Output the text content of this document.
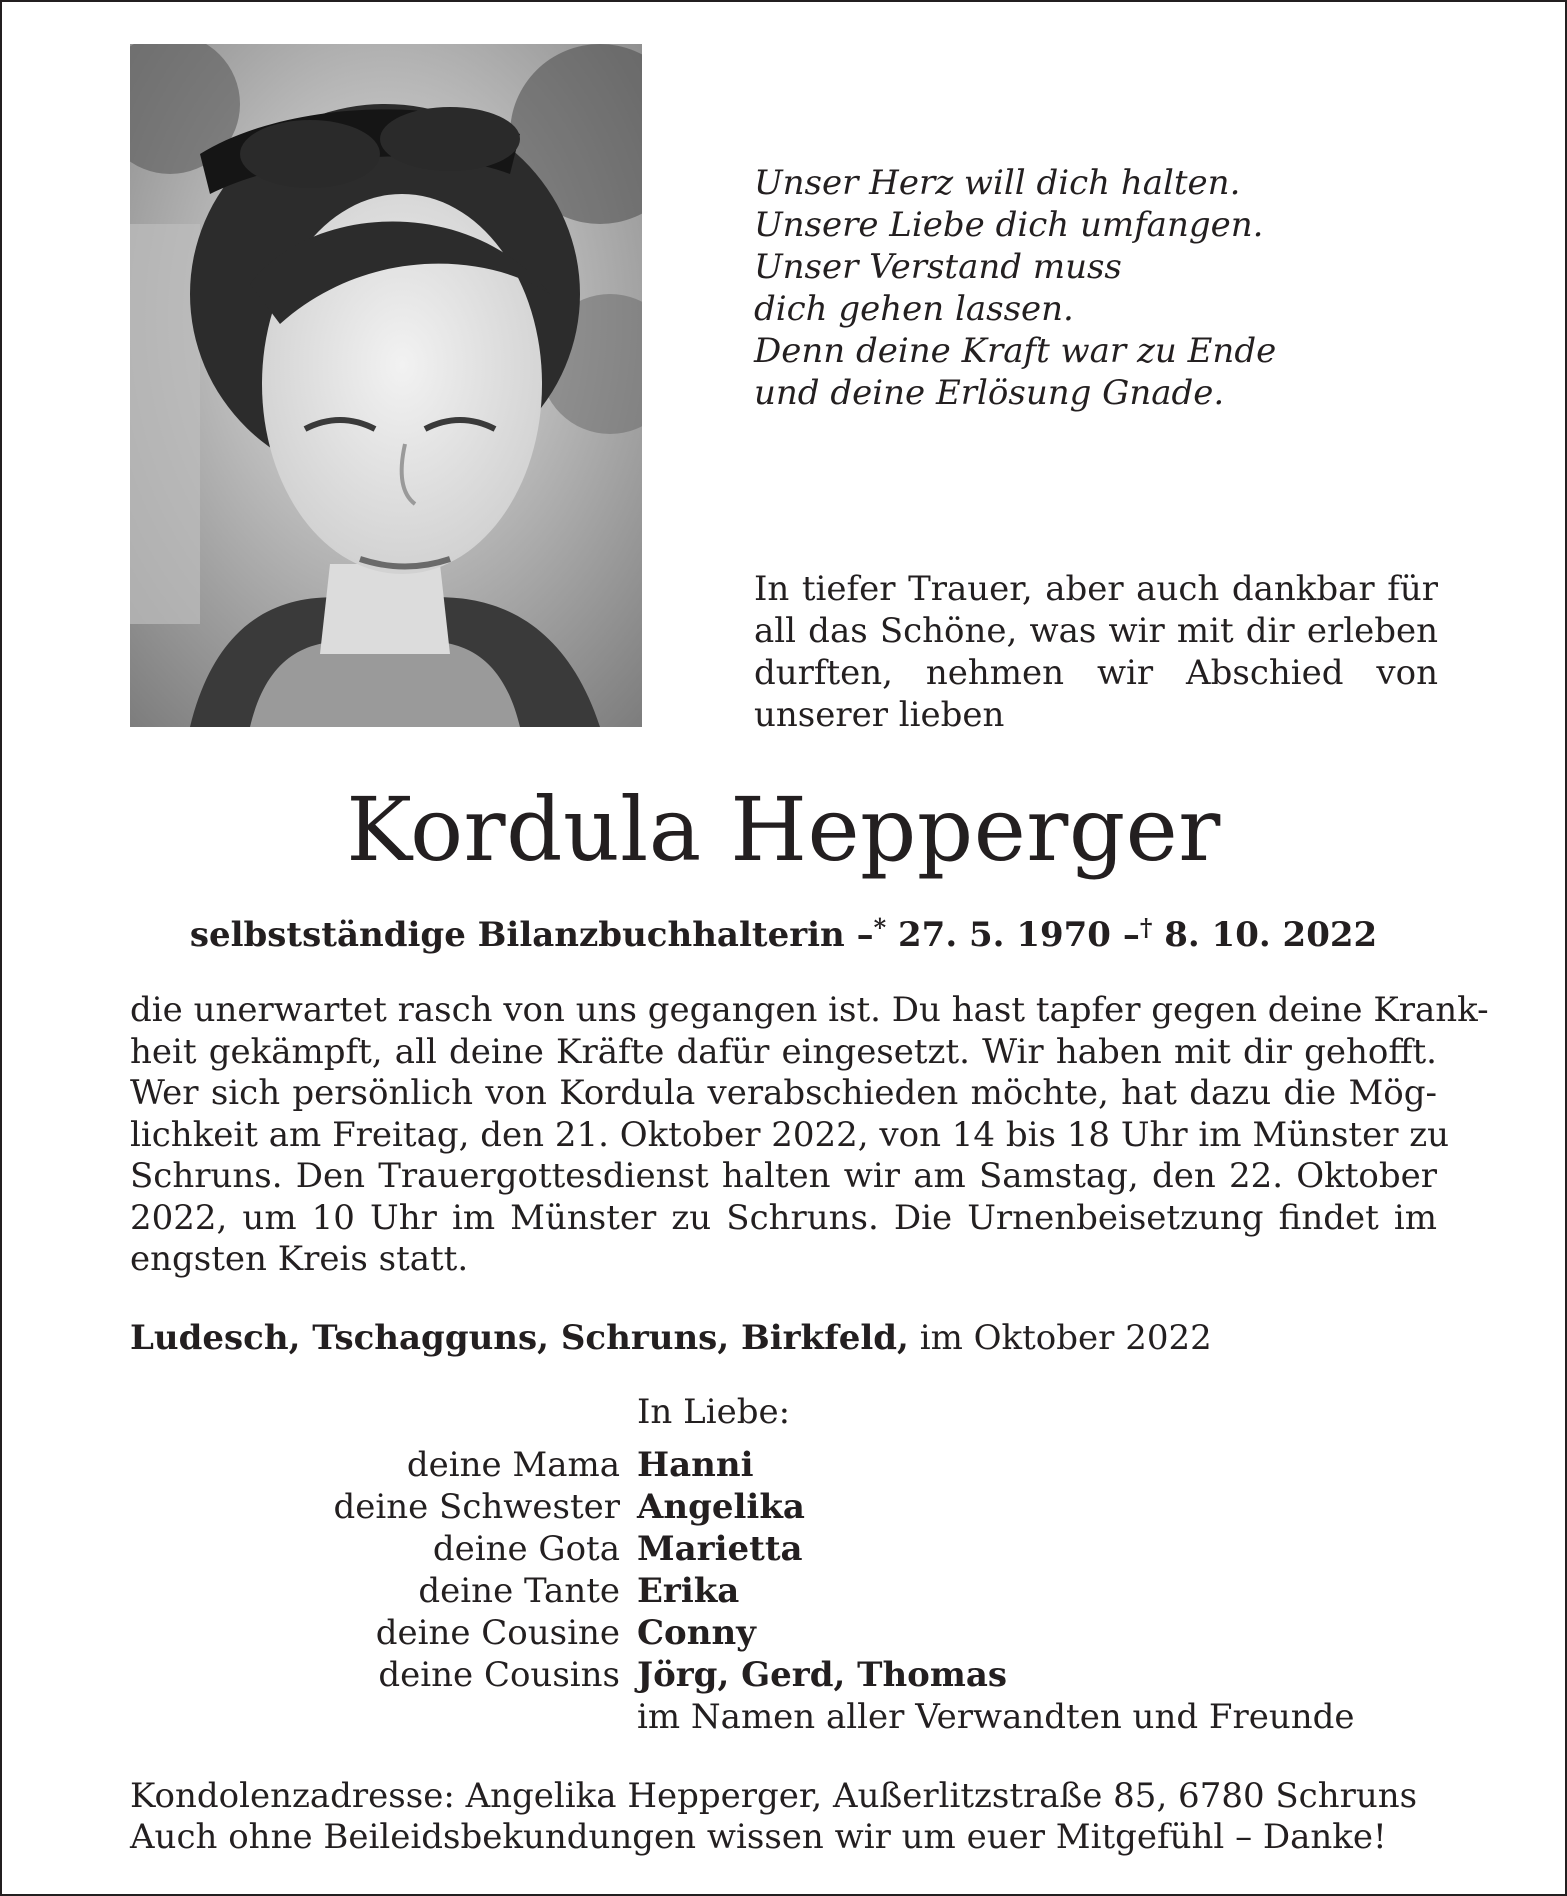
Unser Herz will dich halten.
Unsere Liebe dich umfangen.
Unser Verstand muss
dich gehen lassen.
Denn deine Kraft war zu Ende
und deine Erlösung Gnade.
In tiefer Trauer, aber auch dankbar für
all das Schöne, was wir mit dir erleben
durften, nehmen wir Abschied von
unserer lieben
Kordula Hepperger
selbstständige Bilanzbuchhalterin –* 27. 5. 1970 –† 8. 10. 2022
die unerwartet rasch von uns gegangen ist. Du hast tapfer gegen deine Krank-
heit gekämpft, all deine Kräfte dafür eingesetzt. Wir haben mit dir gehofft.
Wer sich persönlich von Kordula verabschieden möchte, hat dazu die Mög-
lichkeit am Freitag, den 21. Oktober 2022, von 14 bis 18 Uhr im Münster zu
Schruns. Den Trauergottesdienst halten wir am Samstag, den 22. Oktober
2022, um 10 Uhr im Münster zu Schruns. Die Urnenbeisetzung findet im
engsten Kreis statt.
Ludesch, Tschagguns, Schruns, Birkfeld, im Oktober 2022
In Liebe:
deine Mama Hanni
deine Schwester Angelika
deine Gota Marietta
deine Tante Erika
deine Cousine Conny
deine Cousins Jörg, Gerd, Thomas
im Namen aller Verwandten und Freunde
Kondolenzadresse: Angelika Hepperger, Außerlitzstraße 85, 6780 Schruns
Auch ohne Beileidsbekundungen wissen wir um euer Mitgefühl – Danke!
